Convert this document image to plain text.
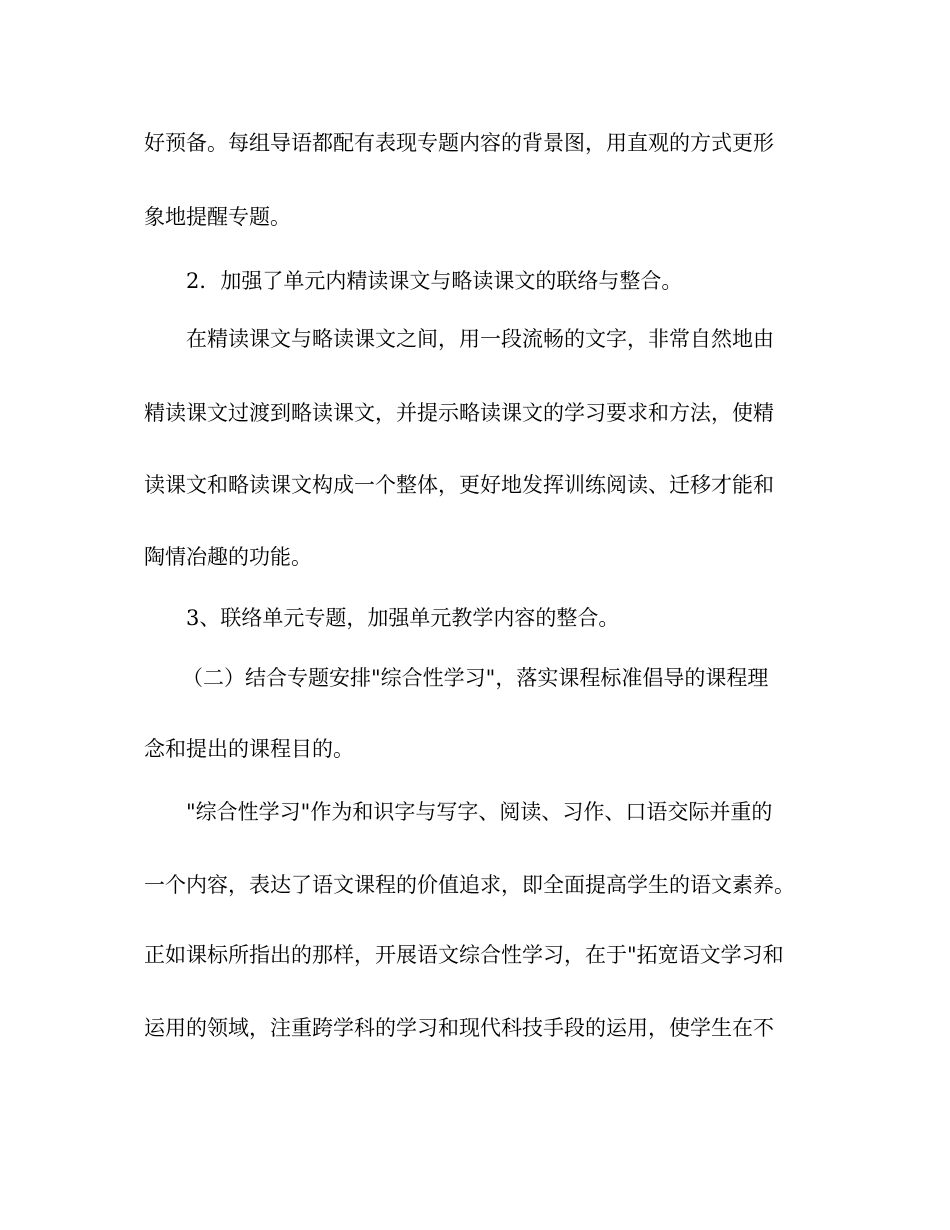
好预备。每组导语都配有表现专题内容的背景图，用直观的方式更形
象地提醒专题。
2．加强了单元内精读课文与略读课文的联络与整合。
在精读课文与略读课文之间，用一段流畅的文字，非常自然地由
精读课文过渡到略读课文，并提示略读课文的学习要求和方法，使精
读课文和略读课文构成一个整体，更好地发挥训练阅读、迁移才能和
陶情冶趣的功能。
3、联络单元专题，加强单元教学内容的整合。
（二）结合专题安排"综合性学习"，落实课程标准倡导的课程理
念和提出的课程目的。
"综合性学习"作为和识字与写字、阅读、习作、口语交际并重的
一个内容，表达了语文课程的价值追求，即全面提高学生的语文素养。
正如课标所指出的那样，开展语文综合性学习，在于"拓宽语文学习和
运用的领域，注重跨学科的学习和现代科技手段的运用，使学生在不
